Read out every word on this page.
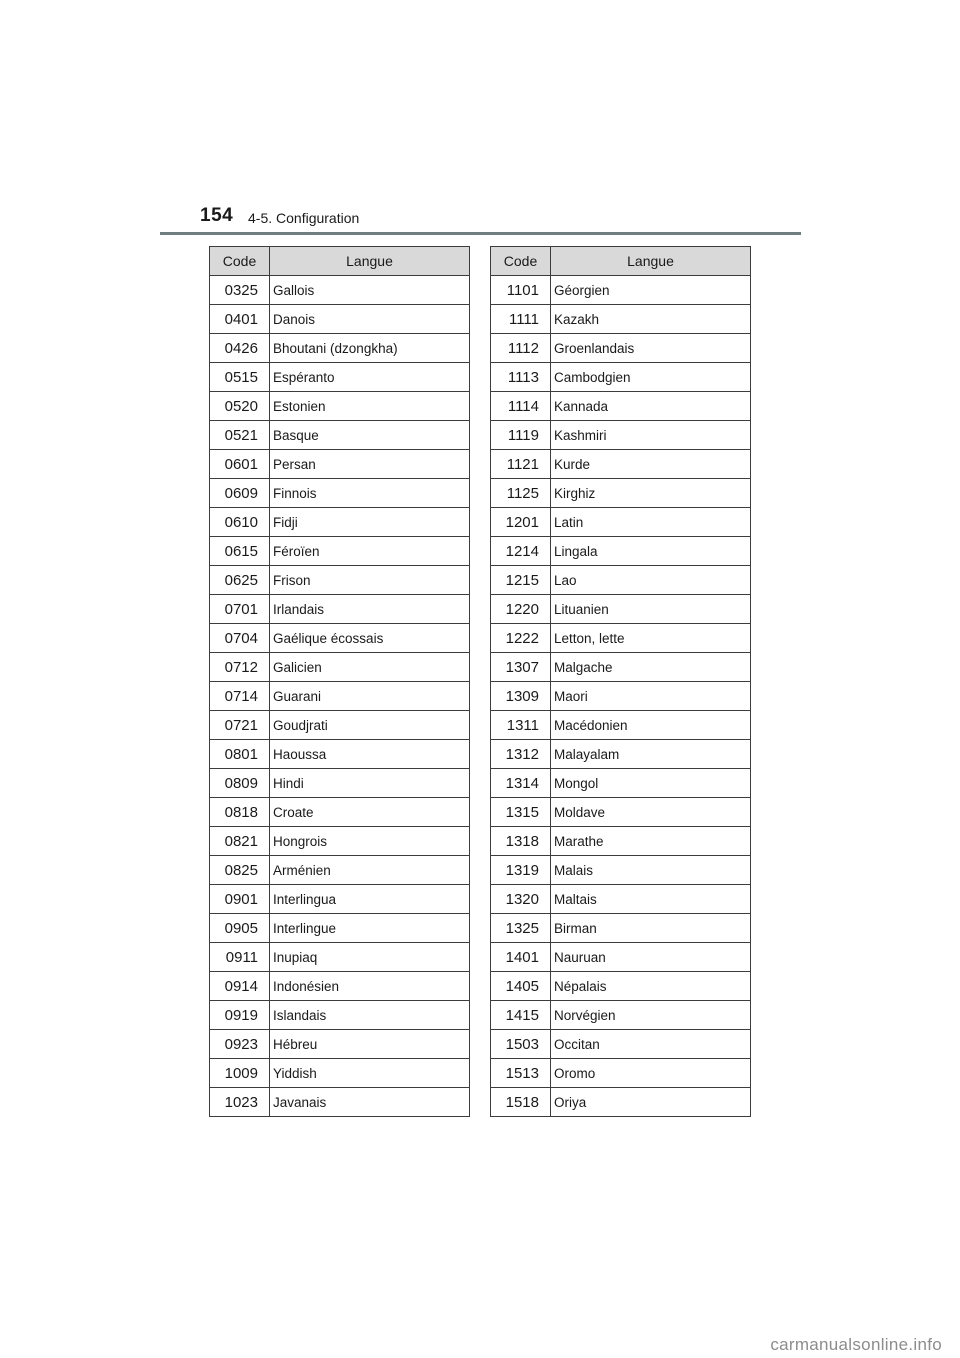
154 4-5. Configuration
Code	Langue
0325	Gallois
0401	Danois
0426	Bhoutani (dzongkha)
0515	Espéranto
0520	Estonien
0521	Basque
0601	Persan
0609	Finnois
0610	Fidji
0615	Féroïen
0625	Frison
0701	Irlandais
0704	Gaélique écossais
0712	Galicien
0714	Guarani
0721	Goudjrati
0801	Haoussa
0809	Hindi
0818	Croate
0821	Hongrois
0825	Arménien
0901	Interlingua
0905	Interlingue
0911	Inupiaq
0914	Indonésien
0919	Islandais
0923	Hébreu
1009	Yiddish
1023	Javanais
Code	Langue
1101	Géorgien
1111	Kazakh
1112	Groenlandais
1113	Cambodgien
1114	Kannada
1119	Kashmiri
1121	Kurde
1125	Kirghiz
1201	Latin
1214	Lingala
1215	Lao
1220	Lituanien
1222	Letton, lette
1307	Malgache
1309	Maori
1311	Macédonien
1312	Malayalam
1314	Mongol
1315	Moldave
1318	Marathe
1319	Malais
1320	Maltais
1325	Birman
1401	Nauruan
1405	Népalais
1415	Norvégien
1503	Occitan
1513	Oromo
1518	Oriya
carmanualsonline.info
